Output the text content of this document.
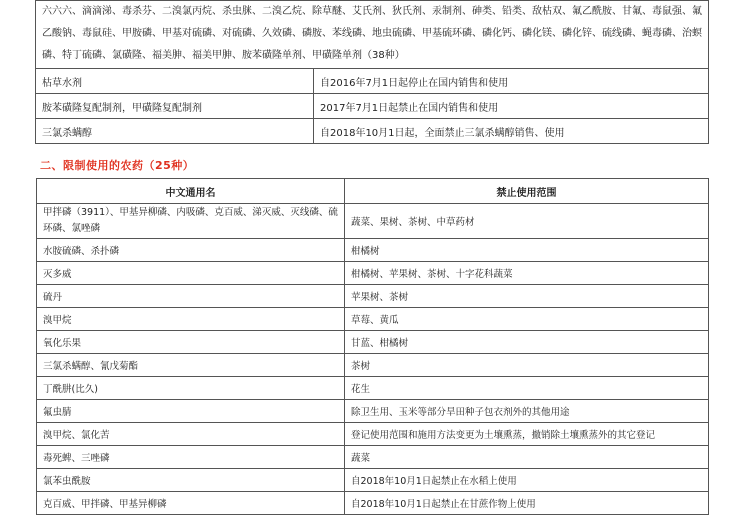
六六六、滴滴涕、毒杀芬、二溴氯丙烷、杀虫脒、二溴乙烷、除草醚、艾氏剂、狄氏剂、汞制剂、砷类、铅类、敌枯双、氟乙酰胺、甘氟、毒鼠强、氟乙酸钠、毒鼠硅、甲胺磷、甲基对硫磷、对硫磷、久效磷、磷胺、苯线磷、地虫硫磷、甲基硫环磷、磷化钙、磷化镁、磷化锌、硫线磷、蝇毒磷、治螟磷、特丁硫磷、氯磺隆、福美胂、福美甲胂、胺苯磺隆单剂、甲磺隆单剂（38种）	
枯草水剂	自2016年7月1日起停止在国内销售和使用
胺苯磺隆复配制剂，甲磺隆复配制剂	2017年7月1日起禁止在国内销售和使用
三氯杀螨醇	自2018年10月1日起，全面禁止三氯杀螨醇销售、使用
二、限制使用的农药（25种）
中文通用名	禁止使用范围
甲拌磷（3911）、甲基异柳磷、内吸磷、克百威、涕灭威、灭线磷、硫环磷、氯唑磷	蔬菜、果树、茶树、中草药材
水胺硫磷、杀扑磷	柑橘树
灭多威	柑橘树、苹果树、茶树、十字花科蔬菜
硫丹	苹果树、茶树
溴甲烷	草莓、黄瓜
氧化乐果	甘蓝、柑橘树
三氯杀螨醇、氰戊菊酯	茶树
丁酰肼(比久)	花生
氟虫腈	除卫生用、玉米等部分旱田种子包衣剂外的其他用途
溴甲烷、氯化苦	登记使用范围和施用方法变更为土壤熏蒸，撤销除土壤熏蒸外的其它登记
毒死蜱、三唑磷	蔬菜
氯苯虫酰胺	自2018年10月1日起禁止在水稻上使用
克百威、甲拌磷、甲基异柳磷	自2018年10月1日起禁止在甘蔗作物上使用
